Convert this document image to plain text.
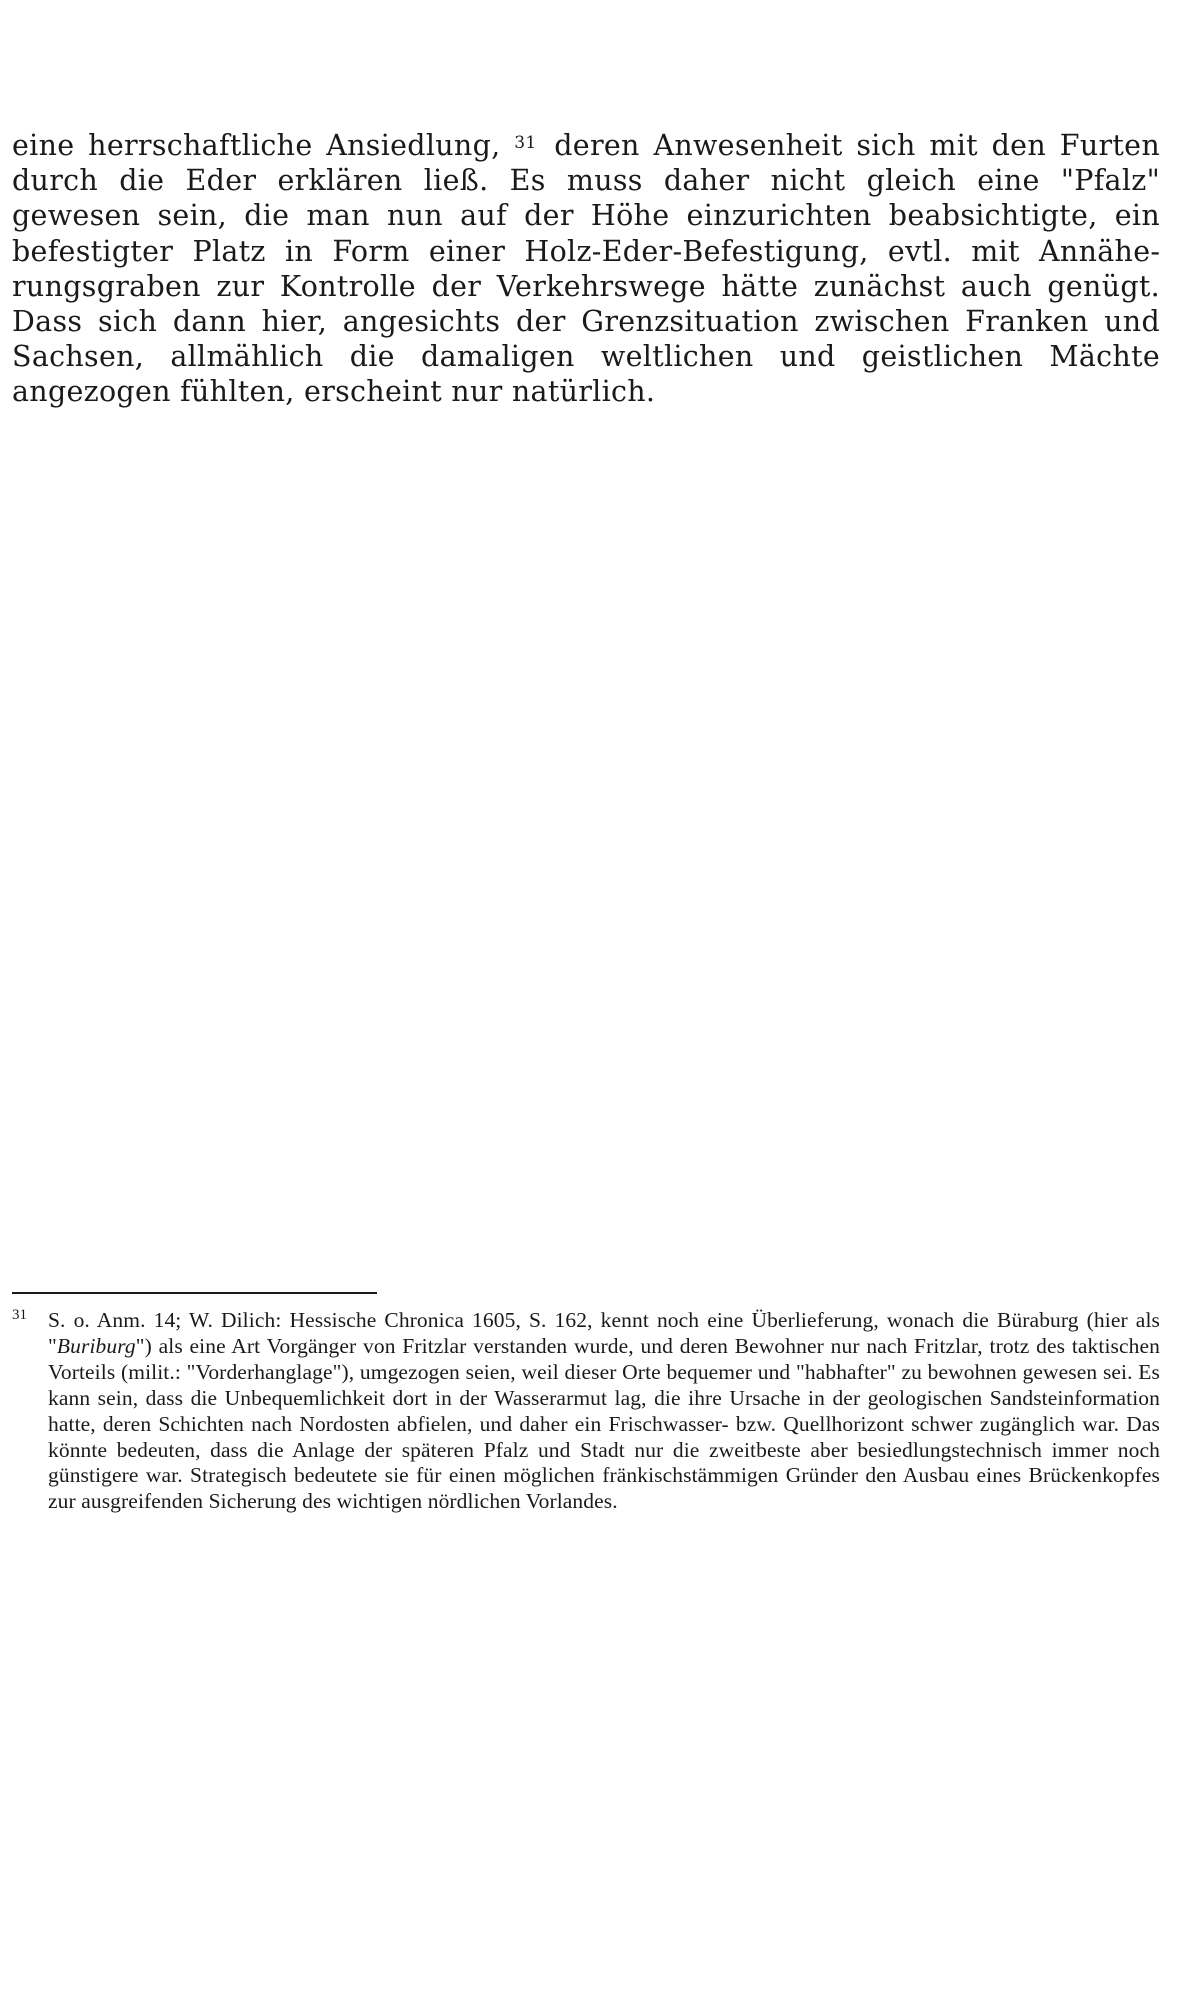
eine herrschaftliche Ansiedlung, $^{31}$ deren Anwesenheit sich mit den Furten durch die Eder erklären ließ. Es muss daher nicht gleich eine "Pfalz" gewesen sein, die man nun auf der Höhe einzurichten beabsichtigte, ein befestigter Platz in Form einer Holz-Eder-Befestigung, evtl. mit Annäherungsgraben zur Kontrolle der Verkehrswege hätte zunächst auch genügt. Dass sich dann hier, angesichts der Grenzsituation zwischen Franken und Sachsen, allmählich die damaligen weltlichen und geistlichen Mächte angezogen fühlten, erscheint nur natürlich.

31 S. o. Anm. 14; W. Dilich: Hessische Chronica 1605, S. 162, kennt noch eine Überlieferung, wonach die Büraburg (hier als "Buriburg") als eine Art Vorgänger von Fritzlar verstanden wurde, und deren Bewohner nur nach Fritzlar, trotz des taktischen Vorteils (milit.: "Vorderhanglage"), umgezogen seien, weil dieser Orte bequemer und "habhafter" zu bewohnen gewesen sei. Es kann sein, dass die Unbequemlichkeit dort in der Wasserarmut lag, die ihre Ursache in der geologischen Sandsteinformation hatte, deren Schichten nach Nordosten abfielen, und daher ein Frischwasser- bzw. Quellhorizont schwer zugänglich war. Das könnte bedeuten, dass die Anlage der späteren Pfalz und Stadt nur die zweitbeste aber besiedlungstechnisch immer noch günstigere war. Strategisch bedeutete sie für einen möglichen fränkischstämmigen Gründer den Ausbau eines Brückenkopfes zur ausgreifenden Sicherung des wichtigen nördlichen Vorlandes.
